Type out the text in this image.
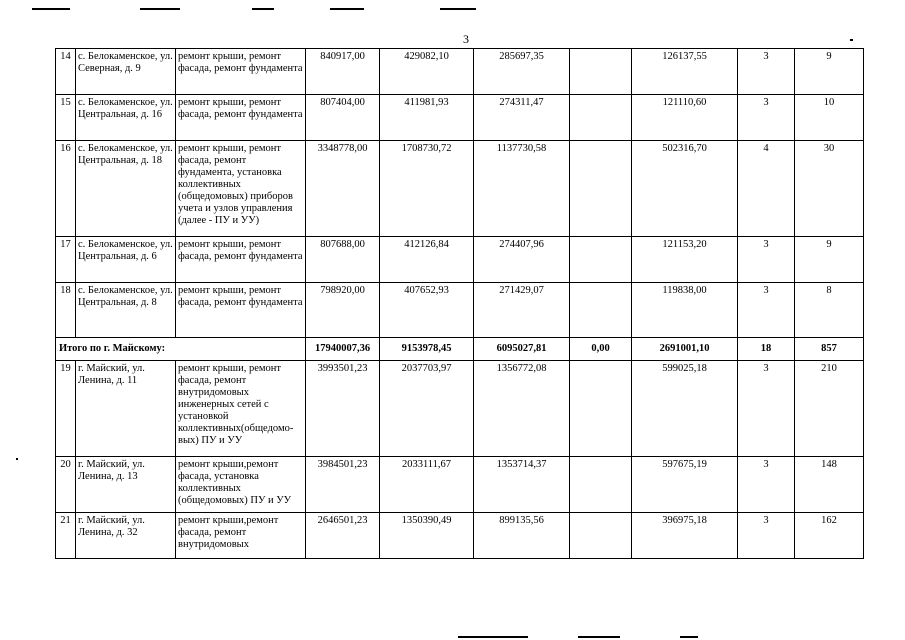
3
14	с. Белокаменское, ул. Северная, д. 9	ремонт крыши, ремонт фасада, ремонт фундамента	840917,00	429082,10	285697,35		126137,55	3	9
15	с. Белокаменское, ул. Центральная, д. 16	ремонт крыши, ремонт фасада, ремонт фундамента	807404,00	411981,93	274311,47		121110,60	3	10
16	с. Белокаменское, ул. Центральная, д. 18	ремонт крыши, ремонт фасада, ремонт фундамента, установка коллективных (общедомовых) приборов учета и узлов управления (далее - ПУ и УУ)	3348778,00	1708730,72	1137730,58		502316,70	4	30
17	с. Белокаменское, ул. Центральная, д. 6	ремонт крыши, ремонт фасада, ремонт фундамента	807688,00	412126,84	274407,96		121153,20	3	9
18	с. Белокаменское, ул. Центральная, д. 8	ремонт крыши, ремонт фасада, ремонт фундамента	798920,00	407652,93	271429,07		119838,00	3	8
Итого по г. Майскому:			17940007,36	9153978,45	6095027,81	0,00	2691001,10	18	857
19	г. Майский, ул. Ленина, д. 11	ремонт крыши, ремонт фасада, ремонт внутридомовых инженерных сетей с установкой коллективных(общедомо-вых) ПУ и УУ	3993501,23	2037703,97	1356772,08		599025,18	3	210
20	г. Майский, ул. Ленина, д. 13	ремонт крыши,ремонт фасада, установка коллективных (общедомовых) ПУ и УУ	3984501,23	2033111,67	1353714,37		597675,19	3	148
21	г. Майский, ул. Ленина, д. 32	ремонт крыши,ремонт фасада, ремонт внутридомовых	2646501,23	1350390,49	899135,56		396975,18	3	162
